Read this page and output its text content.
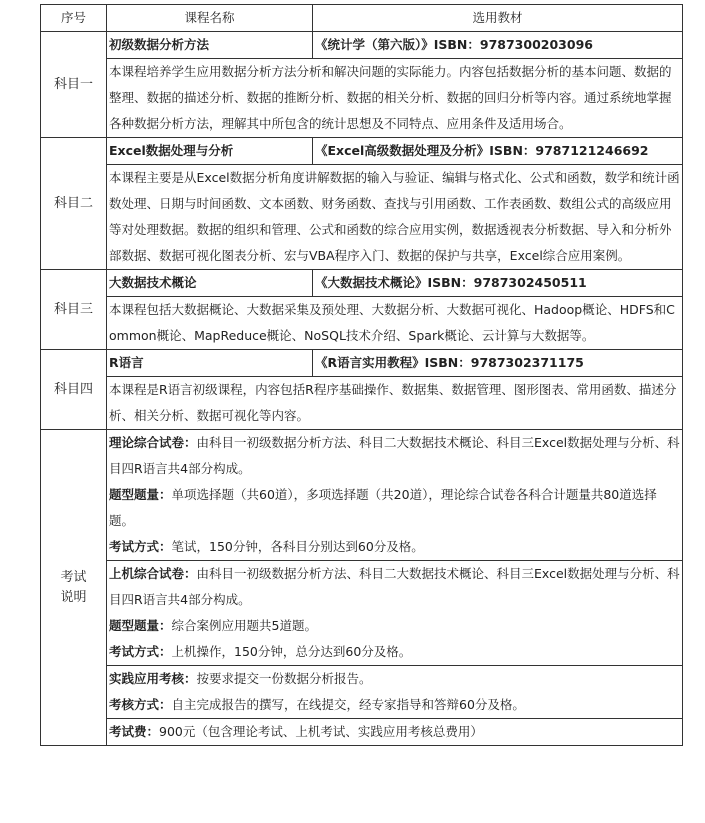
序号	课程名称	选用教材
科目一	初级数据分析方法	《统计学（第六版）》ISBN：9787300203096
	本课程培养学生应用数据分析方法分析和解决问题的实际能力。内容包括数据分析的基本问题、数据的整理、数据的描述分析、数据的推断分析、数据的相关分析、数据的回归分析等内容。通过系统地掌握各种数据分析方法，理解其中所包含的统计思想及不同特点、应用条件及适用场合。	
科目二	Excel数据处理与分析	《Excel高级数据处理及分析》ISBN：9787121246692
	本课程主要是从Excel数据分析角度讲解数据的输入与验证、编辑与格式化、公式和函数，数学和统计函数处理、日期与时间函数、文本函数、财务函数、查找与引用函数、工作表函数、数组公式的高级应用等对处理数据。数据的组织和管理、公式和函数的综合应用实例，数据透视表分析数据、导入和分析外部数据、数据可视化图表分析、宏与VBA程序入门、数据的保护与共享，Excel综合应用案例。	
科目三	大数据技术概论	《大数据技术概论》ISBN：9787302450511
	本课程包括大数据概论、大数据采集及预处理、大数据分析、大数据可视化、Hadoop概论、HDFS和Common概论、MapReduce概论、NoSQL技术介绍、Spark概论、云计算与大数据等。	
科目四	R语言	《R语言实用教程》ISBN：9787302371175
	本课程是R语言初级课程，内容包括R程序基础操作、数据集、数据管理、图形图表、常用函数、描述分析、相关分析、数据可视化等内容。	

考试
说明	理论综合试卷：由科目一初级数据分析方法、科目二大数据技术概论、科目三Excel数据处理与分析、科目四R语言共4部分构成。
题型题量：单项选择题（共60道），多项选择题（共20道），理论综合试卷各科合计题量共80道选择题。
考试方式：笔试，150分钟，各科目分别达到60分及格。	

	上机综合试卷：由科目一初级数据分析方法、科目二大数据技术概论、科目三Excel数据处理与分析、科目四R语言共4部分构成。
题型题量：综合案例应用题共5道题。
考试方式：上机操作，150分钟，总分达到60分及格。	

	实践应用考核：按要求提交一份数据分析报告。
考核方式：自主完成报告的撰写，在线提交，经专家指导和答辩60分及格。	

	考试费：900元（包含理论考试、上机考试、实践应用考核总费用）	
